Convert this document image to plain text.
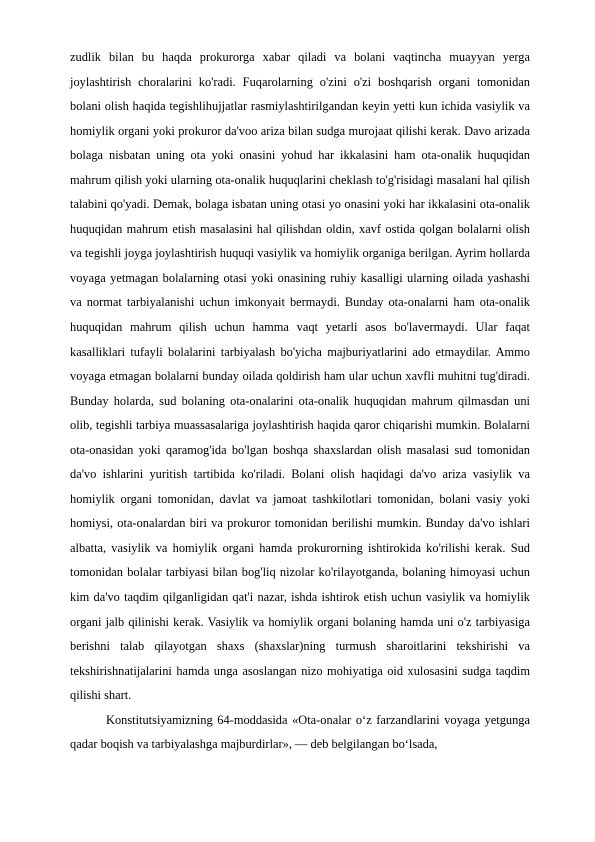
zudlik bilan bu haqda prokurorga xabar qiladi va bolani vaqtincha muayyan yerga joylashtirish choralarini ko'radi. Fuqarolarning o'zini o'zi boshqarish organi tomonidan bolani olish haqida tegishlihujjatlar rasmiylashtirilgandan keyin yetti kun ichida vasiylik va homiylik organi yoki prokuror da'voo ariza bilan sudga murojaat qilishi kerak. Davo arizada bolaga nisbatan uning ota yoki onasini yohud har ikkalasini ham ota-onalik huquqidan mahrum qilish yoki ularning ota-onalik huquqlarini cheklash to'g'risidagi masalani hal qilish talabini qo'yadi. Demak, bolaga isbatan uning otasi yo onasini yoki har ikkalasini ota-onalik huquqidan mahrum etish masalasini hal qilishdan oldin, xavf ostida qolgan bolalarni olish va tegishli joyga joylashtirish huquqi vasiylik va homiylik organiga berilgan. Ayrim hollarda voyaga yetmagan bolalarning otasi yoki onasining ruhiy kasalligi ularning oilada yashashi va normat tarbiyalanishi uchun imkonyait bermaydi. Bunday ota-onalarni ham ota-onalik huquqidan mahrum qilish uchun hamma vaqt yetarli asos bo'lavermaydi. Ular faqat kasalliklari tufayli bolalarini tarbiyalash bo'yicha majburiyatlarini ado etmaydilar. Ammo voyaga etmagan bolalarni bunday oilada qoldirish ham ular uchun xavfli muhitni tug'diradi. Bunday holarda, sud bolaning ota-onalarini ota-onalik huquqidan mahrum qilmasdan uni olib, tegishli tarbiya muassasalariga joylashtirish haqida qaror chiqarishi mumkin. Bolalarni ota-onasidan yoki qaramog'ida bo'lgan boshqa shaxslardan olish masalasi sud tomonidan da'vo ishlarini yuritish tartibida ko'riladi. Bolani olish haqidagi da'vo ariza vasiylik va homiylik organi tomonidan, davlat va jamoat tashkilotlari tomonidan, bolani vasiy yoki homiysi, ota-onalardan biri va prokuror tomonidan berilishi mumkin. Bunday da'vo ishlari albatta, vasiylik va homiylik organi hamda prokurorning ishtirokida ko'rilishi kerak. Sud tomonidan bolalar tarbiyasi bilan bog'liq nizolar ko'rilayotganda, bolaning himoyasi uchun kim da'vo taqdim qilganligidan qat'i nazar, ishda ishtirok etish uchun vasiylik va homiylik organi jalb qilinishi kerak. Vasiylik va homiylik organi bolaning hamda uni o'z tarbiyasiga berishni talab qilayotgan shaxs (shaxslar)ning turmush sharoitlarini tekshirishi va tekshirishnatijalarini hamda unga asoslangan nizo mohiyatiga oid xulosasini sudga taqdim qilishi shart.

Konstitutsiyamizning 64-moddasida «Ota-onalar o‘z farzandlarini voyaga yetgunga qadar boqish va tarbiyalashga majburdirlar», — deb belgilangan bo‘lsada,
